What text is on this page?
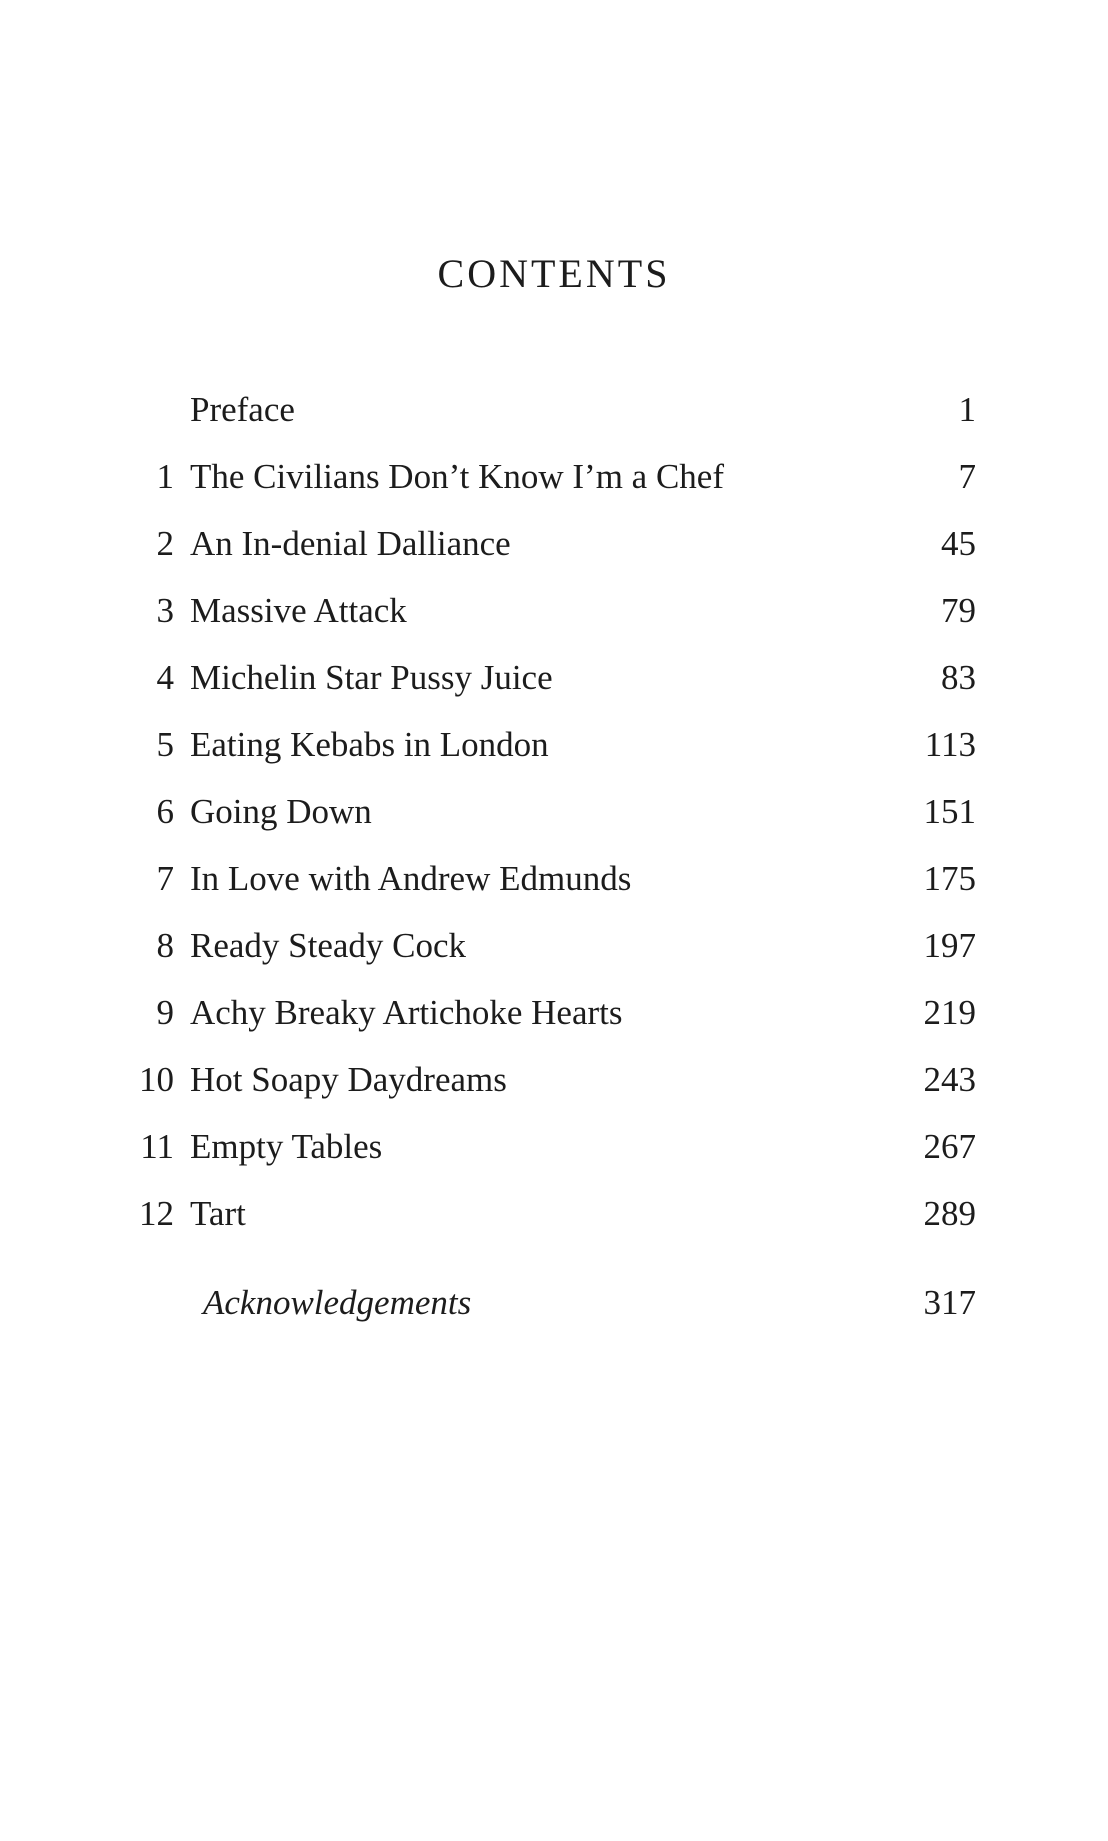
CONTENTS
Preface	1
1 The Civilians Don’t Know I’m a Chef	7
2 An In-denial Dalliance	45
3 Massive Attack	79
4 Michelin Star Pussy Juice	83
5 Eating Kebabs in London	113
6 Going Down	151
7 In Love with Andrew Edmunds	175
8 Ready Steady Cock	197
9 Achy Breaky Artichoke Hearts	219
10 Hot Soapy Daydreams	243
11 Empty Tables	267
12 Tart	289
Acknowledgements	317
